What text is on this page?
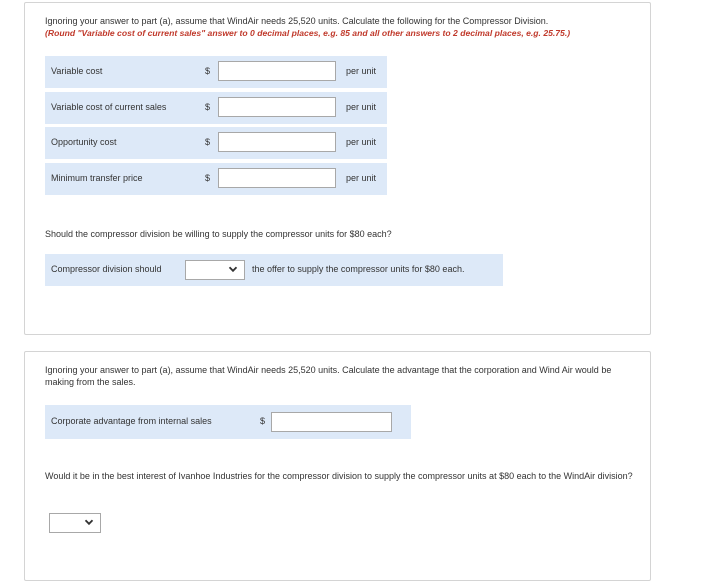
Ignoring your answer to part (a), assume that WindAir needs 25,520 units. Calculate the following for the Compressor Division.

(Round "Variable cost of current sales" answer to 0 decimal places, e.g. 85 and all other answers to 2 decimal places, e.g. 25.75.)
Variable cost	$	per unit
Variable cost of current sales	$	per unit
Opportunity cost	$	per unit
Minimum transfer price	$	per unit

Should the compressor division be willing to supply the compressor units for $80 each?

Compressor division should	the offer to supply the compressor units for $80 each.

Ignoring your answer to part (a), assume that WindAir needs 25,520 units. Calculate the advantage that the corporation and Wind Air would be making from the sales.

Corporate advantage from internal sales	$

Would it be in the best interest of Ivanhoe Industries for the compressor division to supply the compressor units at $80 each to the WindAir division?
